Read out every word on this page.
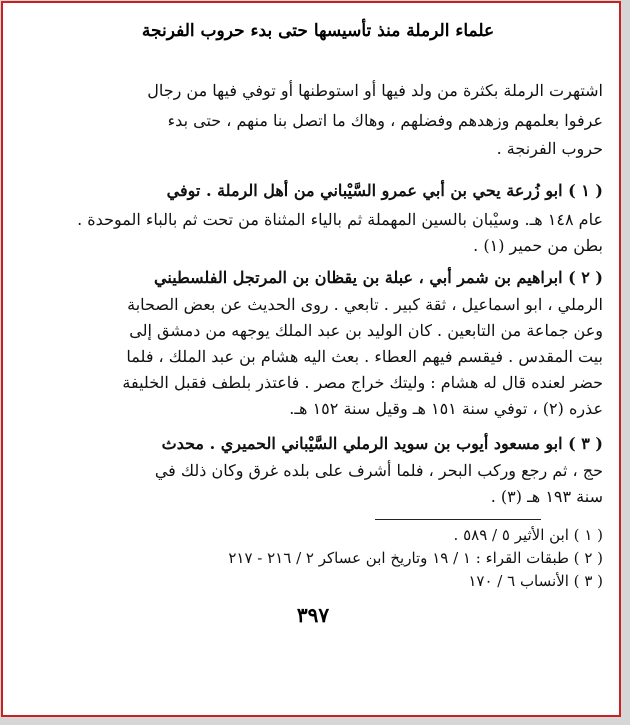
علماء الرملة منذ تأسيسها حتى بدء حروب الفرنجة
اشتهرت الرملة بكثرة من ولد فيها أو استوطنها أو توفي فيها من رجال
عرفوا بعلمهم وزهدهم وفضلهم ، وهاك ما اتصل بنا منهم ، حتى بدء
حروب الفرنجة .
( ١ ) ابو زُرعة يحي بن أبي عمرو السَّيْباني من أهل الرملة . توفي
عام ١٤٨ هـ. وسيْبان بالسين المهملة ثم بالياء المثناة من تحت ثم بالباء الموحدة .
بطن من حمير (١) .
( ٢ ) ابراهيم بن شمر أبي ، عبلة بن يقظان بن المرتجل الفلسطيني
الرملي ، ابو اسماعيل ، ثقة كبير . تابعي . روى الحديث عن بعض الصحابة
وعن جماعة من التابعين . كان الوليد بن عبد الملك يوجهه من دمشق إلى
بيت المقدس . فيقسم فيهم العطاء . بعث اليه هشام بن عبد الملك ، فلما
حضر لعنده قال له هشام : وليتك خراج مصر . فاعتذر بلطف فقبل الخليفة
عذره (٢) ، توفي سنة ١٥١ هـ وقيل سنة ١٥٢ هـ.
( ٣ ) ابو مسعود أيوب بن سويد الرملي السَّيْباني الحميري . محدث
حج ، ثم رجع وركب البحر ، فلما أشرف على بلده غرق وكان ذلك في
سنة ١٩٣ هـ (٣) .
( ١ ) ابن الأثير ٥ / ٥٨٩ .
( ٢ ) طبقات القراء : ١ / ١٩ وتاريخ ابن عساكر ٢ / ٢١٦ - ٢١٧
( ٣ ) الأنساب ٦ / ١٧٠
٣٩٧
